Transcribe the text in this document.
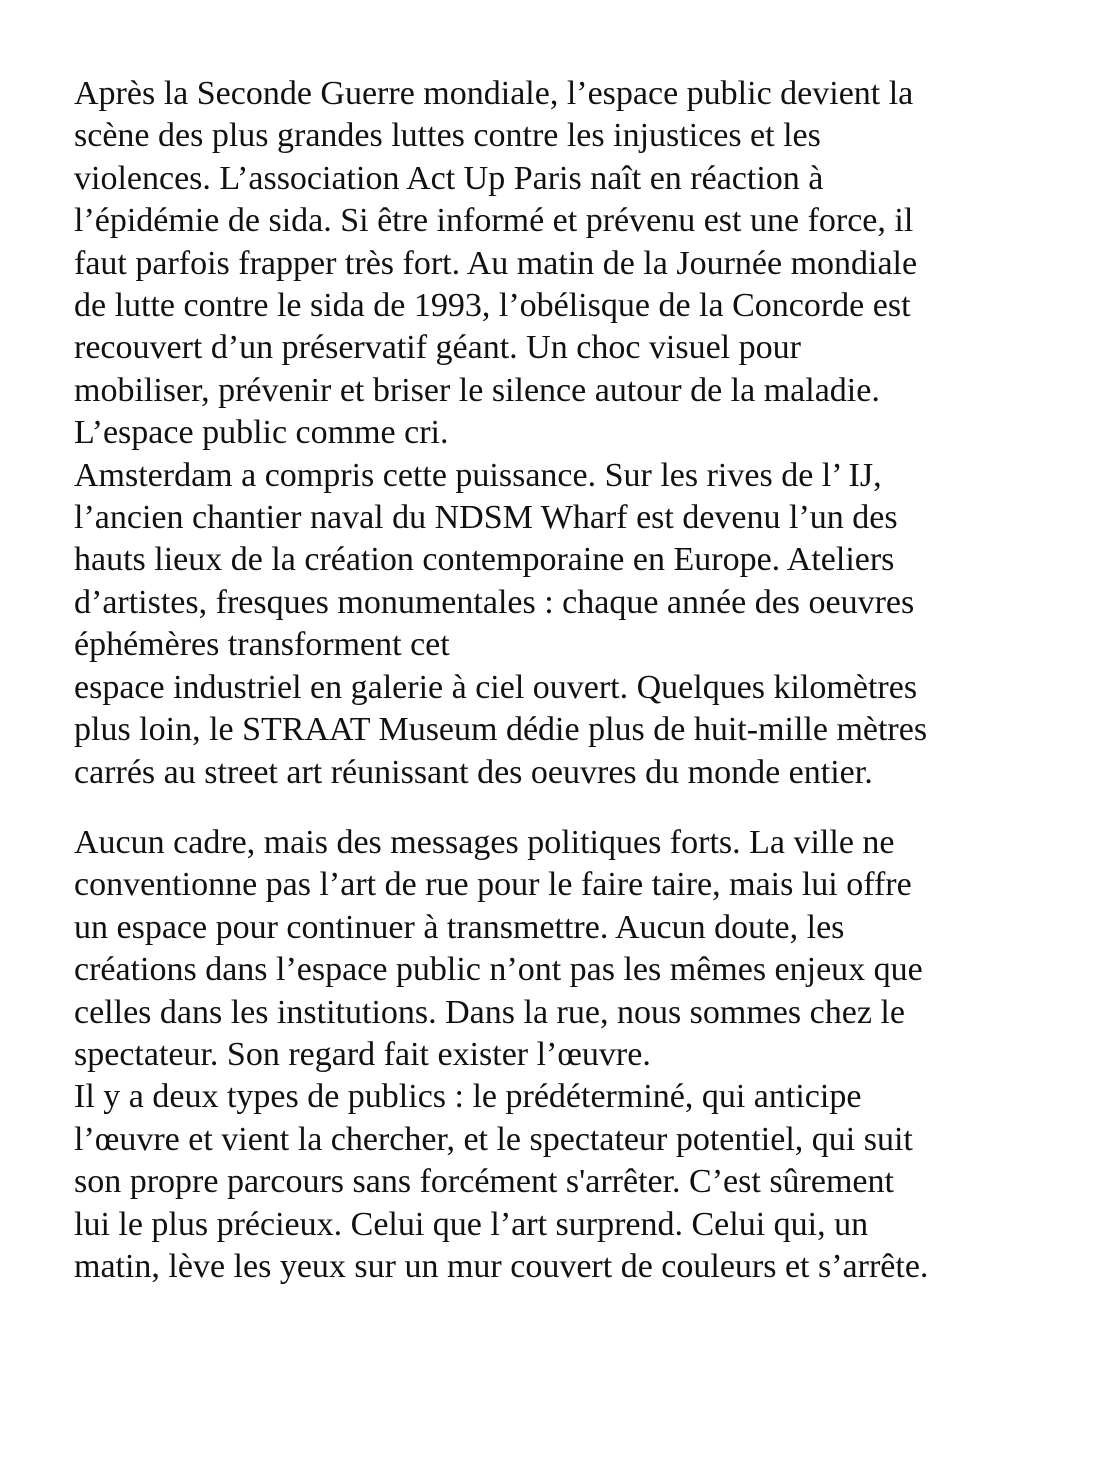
Après la Seconde Guerre mondiale, l’espace public devient la
scène des plus grandes luttes contre les injustices et les
violences. L’association Act Up Paris naît en réaction à
l’épidémie de sida. Si être informé et prévenu est une force, il
faut parfois frapper très fort. Au matin de la Journée mondiale
de lutte contre le sida de 1993, l’obélisque de la Concorde est
recouvert d’un préservatif géant. Un choc visuel pour
mobiliser, prévenir et briser le silence autour de la maladie.
L’espace public comme cri.
Amsterdam a compris cette puissance. Sur les rives de l’ IJ,
l’ancien chantier naval du NDSM Wharf est devenu l’un des
hauts lieux de la création contemporaine en Europe. Ateliers
d’artistes, fresques monumentales : chaque année des oeuvres
éphémères transforment cet
espace industriel en galerie à ciel ouvert. Quelques kilomètres
plus loin, le STRAAT Museum dédie plus de huit-mille mètres
carrés au street art réunissant des oeuvres du monde entier.
Aucun cadre, mais des messages politiques forts. La ville ne
conventionne pas l’art de rue pour le faire taire, mais lui offre
un espace pour continuer à transmettre. Aucun doute, les
créations dans l’espace public n’ont pas les mêmes enjeux que
celles dans les institutions. Dans la rue, nous sommes chez le
spectateur. Son regard fait exister l’œuvre.
Il y a deux types de publics : le prédéterminé, qui anticipe
l’œuvre et vient la chercher, et le spectateur potentiel, qui suit
son propre parcours sans forcément s'arrêter. C’est sûrement
lui le plus précieux. Celui que l’art surprend. Celui qui, un
matin, lève les yeux sur un mur couvert de couleurs et s’arrête.
